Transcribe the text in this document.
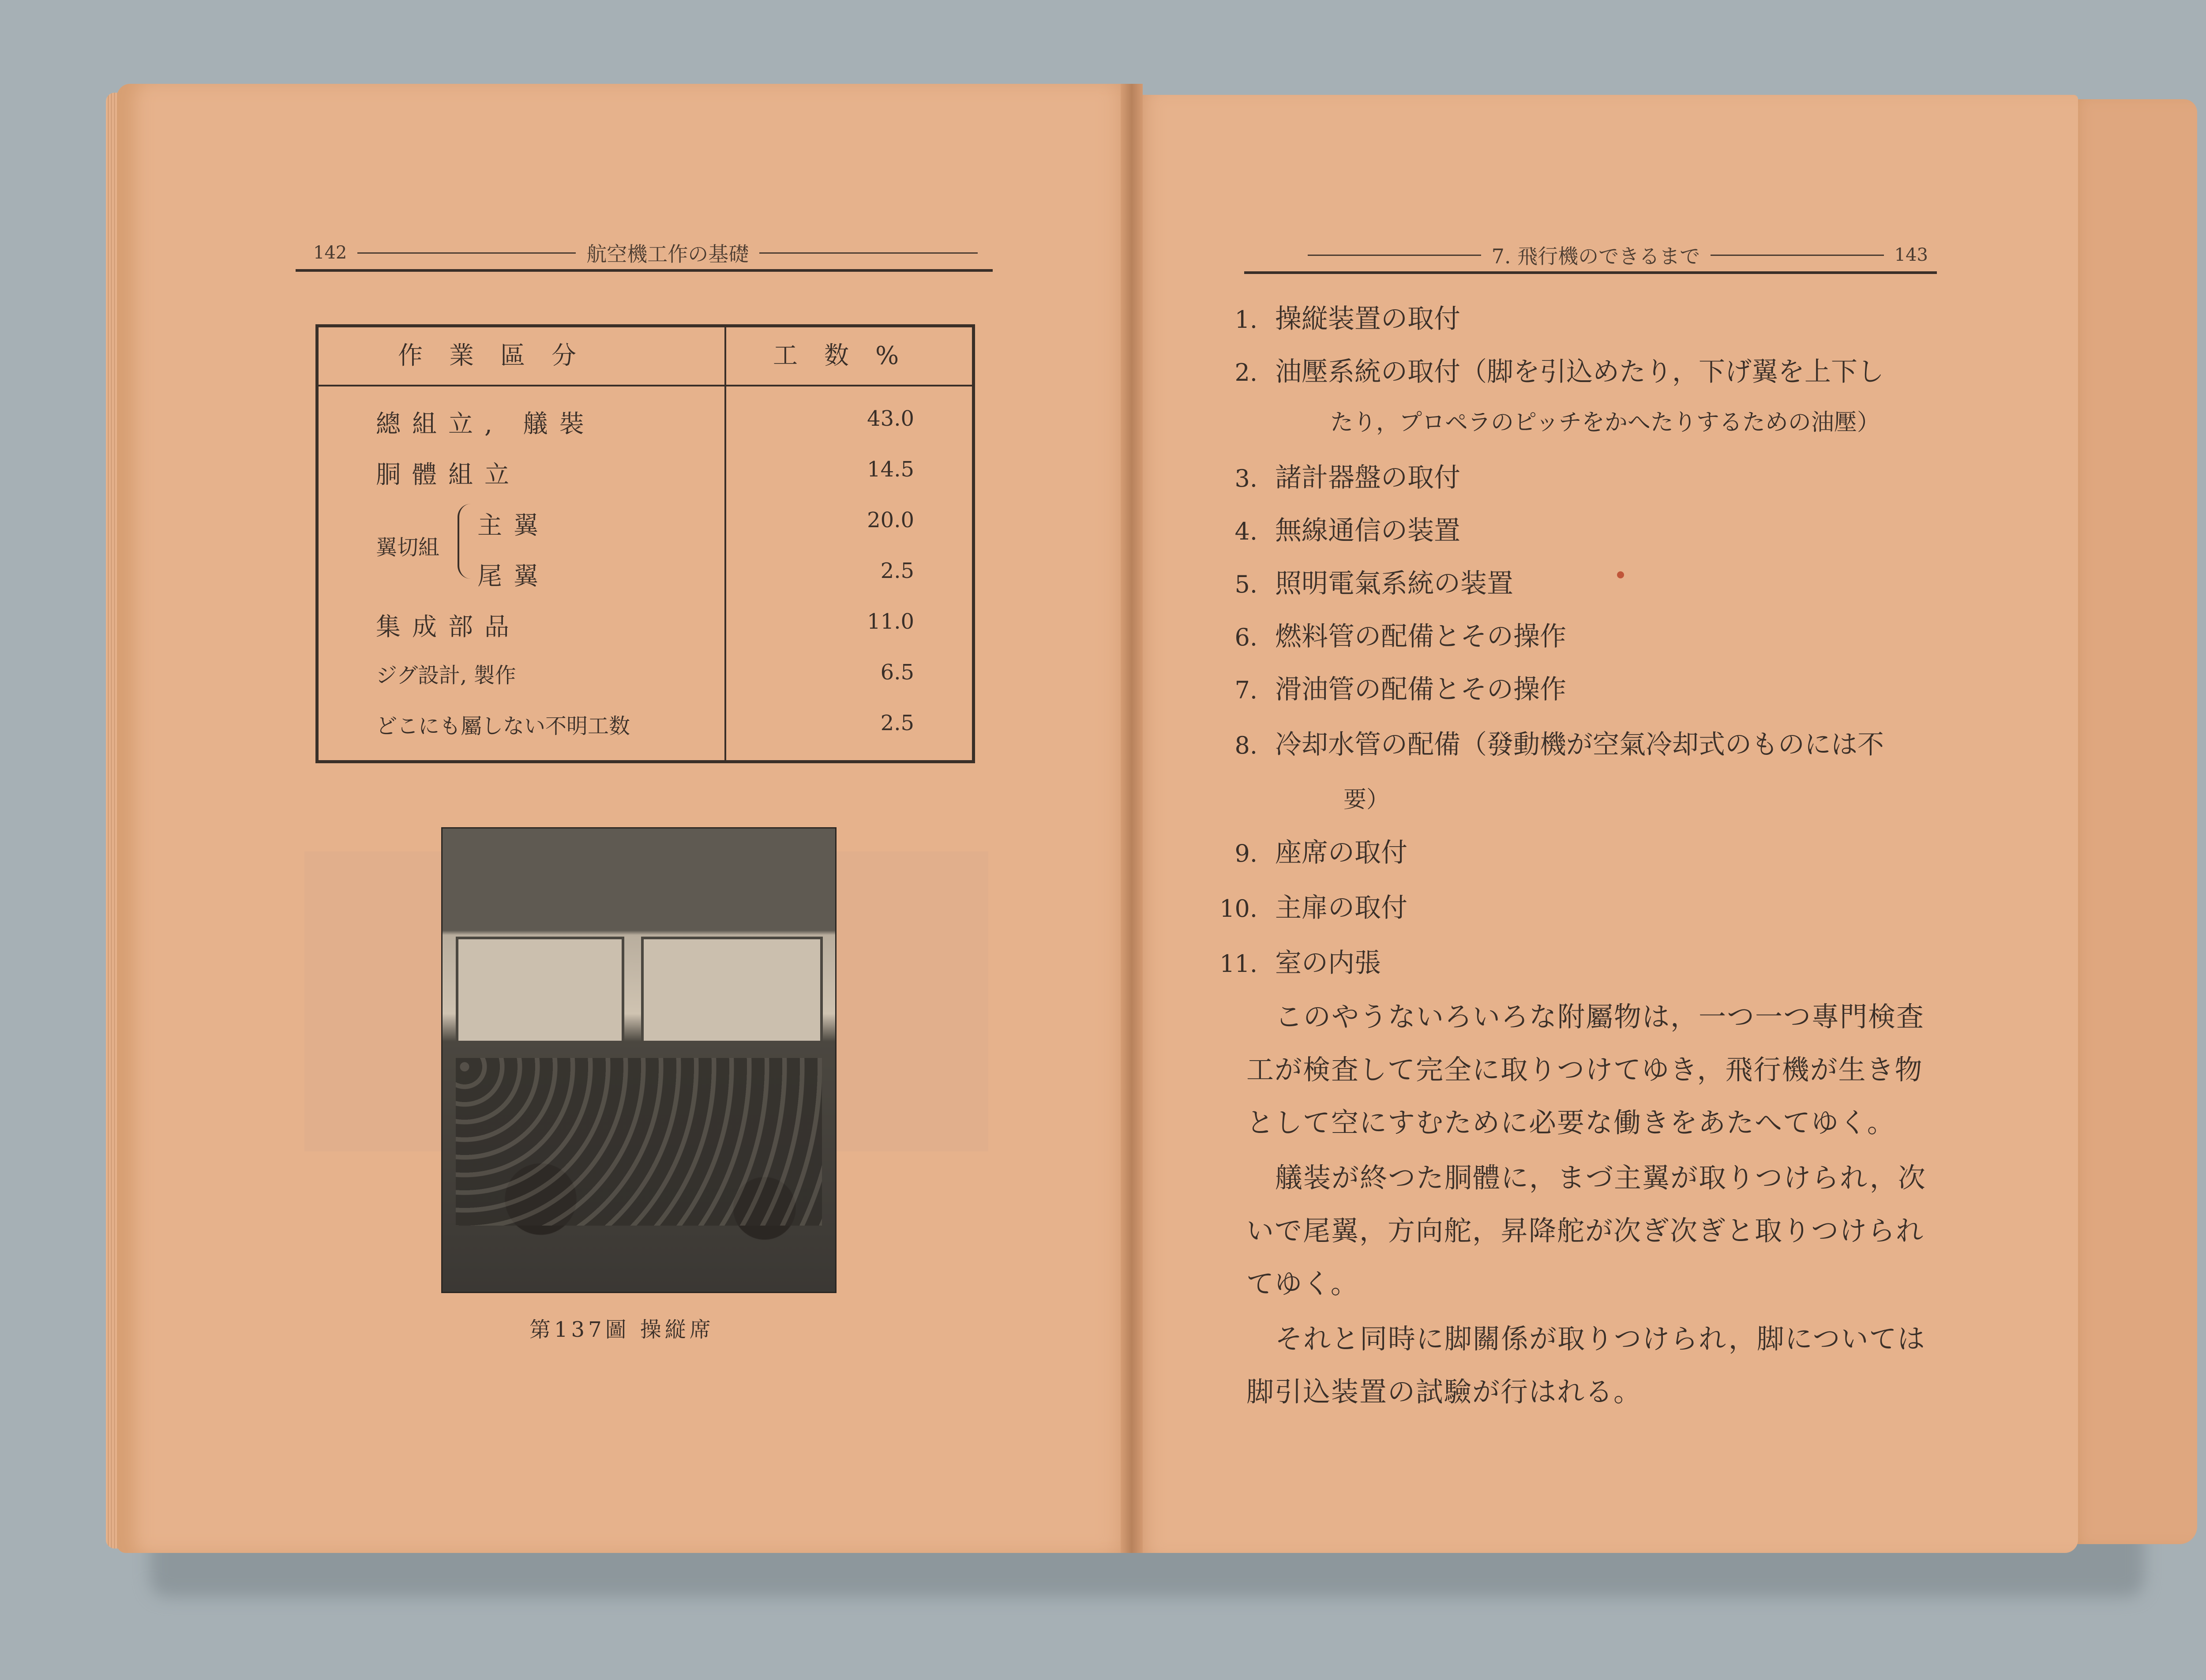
142	航空機工作の基礎
作業區分	工数%
總組立, 艤裝	43.0
胴體組立	14.5
翼切組
主翼	20.0
尾翼	2.5
集成部品	11.0
ジグ設計, 製作	6.5
どこにも屬しない不明工数	2.5
第137圖 操縦席
7. 飛行機のできるまで	143
1. 操縦装置の取付
2. 油壓系統の取付（脚を引込めたり，下げ翼を上下し
たり，プロペラのピッチをかへたりするための油壓）
3. 諸計器盤の取付
4. 無線通信の装置
5. 照明電氣系統の装置
6. 燃料管の配備とその操作
7. 滑油管の配備とその操作
8. 冷却水管の配備（發動機が空氣冷却式のものには不
要）
9. 座席の取付
10. 主扉の取付
11. 室の内張
このやうないろいろな附屬物は，一つ一つ專門検査
工が検査して完全に取りつけてゆき，飛行機が生き物
として空にすむために必要な働きをあたへてゆく。
艤装が終つた胴體に，まづ主翼が取りつけられ，次
いで尾翼，方向舵，昇降舵が次ぎ次ぎと取りつけられ
てゆく。
それと同時に脚關係が取りつけられ，脚については
脚引込装置の試驗が行はれる。
